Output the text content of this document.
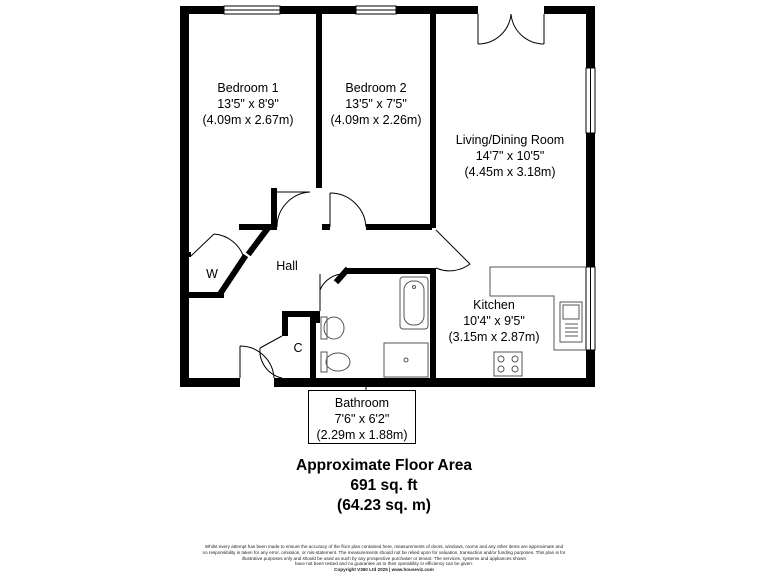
Bedroom 1
13'5" x 8'9"
(4.09m x 2.67m)
Bedroom 2
13'5" x 7'5"
(4.09m x 2.26m)
Living/Dining Room
14'7" x 10'5"
(4.45m x 3.18m)
Kitchen
10'4" x 9'5"
(3.15m x 2.87m)
Hall
W
C
Bathroom
7'6" x 6'2"
(2.29m x 1.88m)
Approximate Floor Area
691 sq. ft
(64.23 sq. m)
Whilst every attempt has been made to ensure the accuracy of the floor plan contained here, measurements of doors, windows, rooms and any other items are approximate and
no responsibility is taken for any error, omission, or mis-statement. The measurements should not be relied upon for valuation, transaction and/or funding purposes. This plan is for
illustrative purposes only and should be used as such by any prospective purchaser or tenant. The services, systems and appliances shown
have not been tested and no guarantee as to their operability or efficiency can be given.
Copyright V360 Ltd 2025 | www.houseviz.com
